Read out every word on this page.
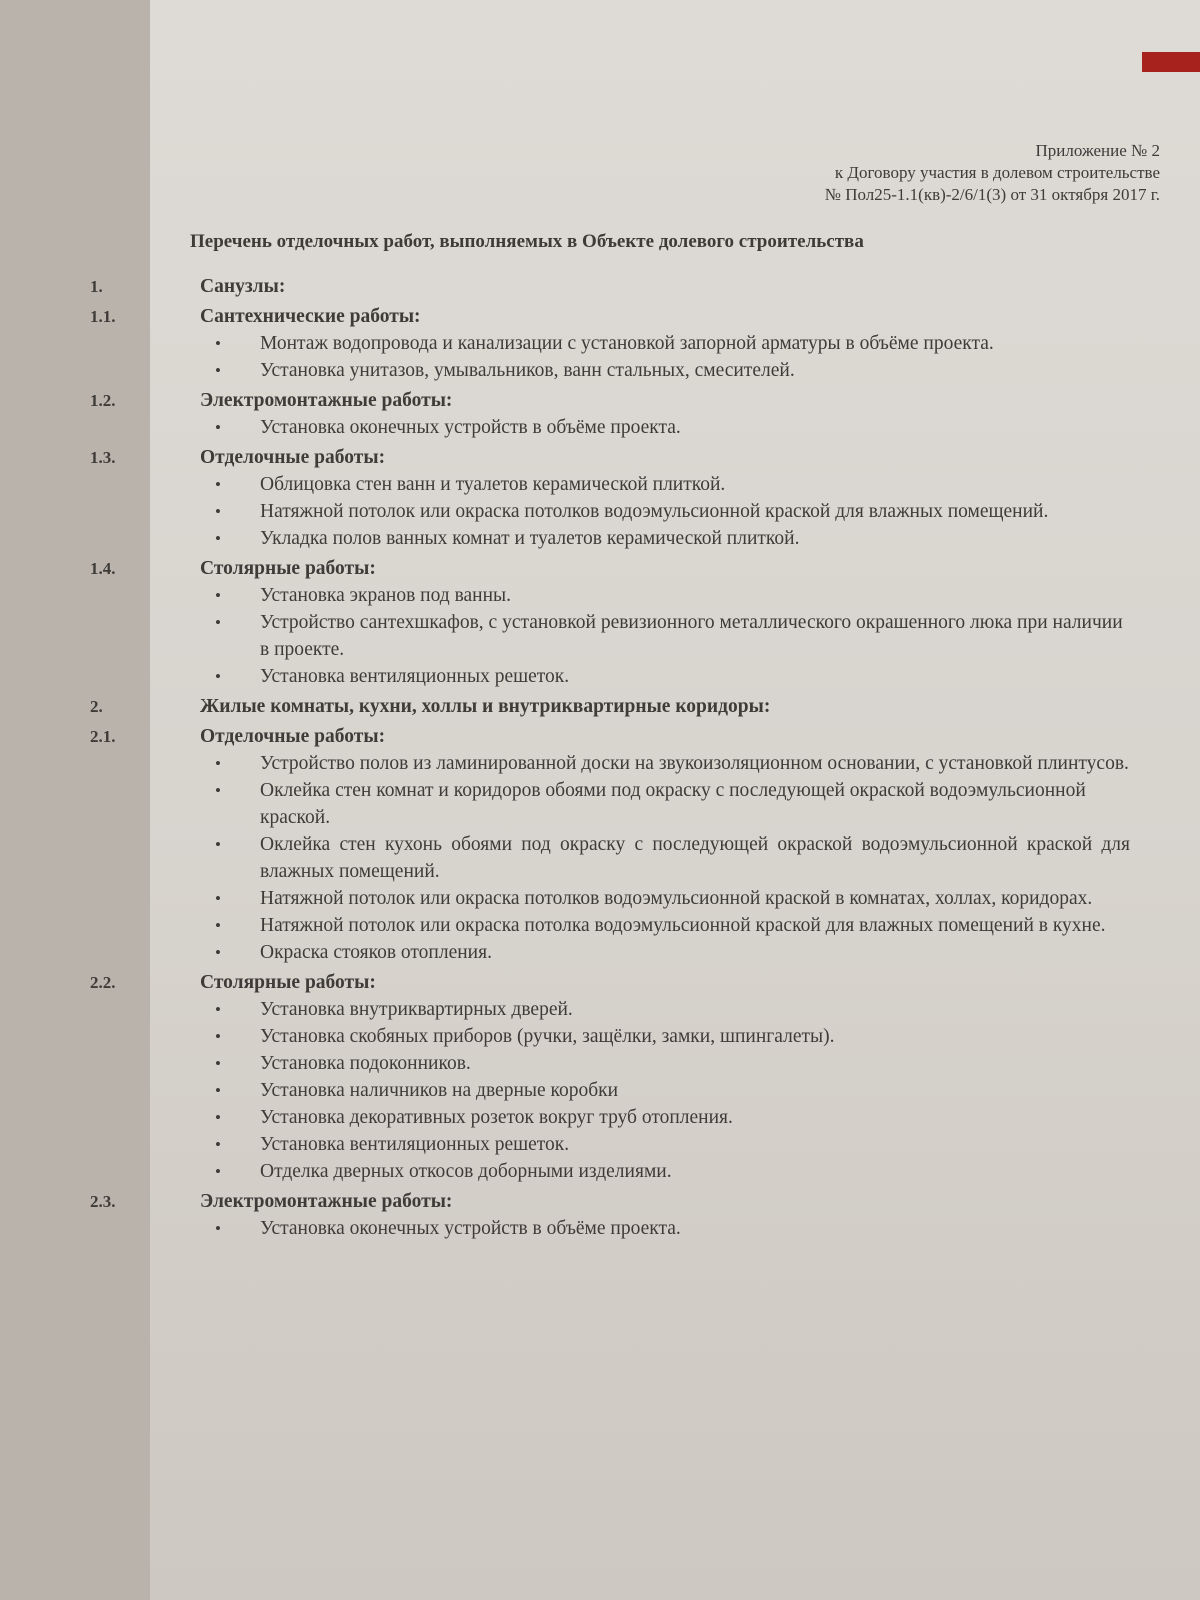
Приложение № 2
к Договору участия в долевом строительстве
№ Пол25-1.1(кв)-2/6/1(3) от 31 октября 2017 г.
Перечень отделочных работ, выполняемых в Объекте долевого строительства
1.	Санузлы:
1.1.	Сантехнические работы:
• Монтаж водопровода и канализации с установкой запорной арматуры в объёме проекта.
• Установка унитазов, умывальников, ванн стальных, смесителей.
1.2.	Электромонтажные работы:
• Установка оконечных устройств в объёме проекта.
1.3.	Отделочные работы:
• Облицовка стен ванн и туалетов керамической плиткой.
• Натяжной потолок или окраска потолков водоэмульсионной краской для влажных помещений.
• Укладка полов ванных комнат и туалетов керамической плиткой.
1.4.	Столярные работы:
• Установка экранов под ванны.
• Устройство сантехшкафов, с установкой ревизионного металлического окрашенного люка при наличии в проекте.
• Установка вентиляционных решеток.
2.	Жилые комнаты, кухни, холлы и внутриквартирные коридоры:
2.1.	Отделочные работы:
• Устройство полов из ламинированной доски на звукоизоляционном основании, с установкой плинтусов.
• Оклейка стен комнат и коридоров обоями под окраску с последующей окраской водоэмульсионной краской.
• Оклейка стен кухонь обоями под окраску с последующей окраской водоэмульсионной краской для влажных помещений.
• Натяжной потолок или окраска потолков водоэмульсионной краской в комнатах, холлах, коридорах.
• Натяжной потолок или окраска потолка водоэмульсионной краской для влажных помещений в кухне.
• Окраска стояков отопления.
2.2.	Столярные работы:
• Установка внутриквартирных дверей.
• Установка скобяных приборов (ручки, защёлки, замки, шпингалеты).
• Установка подоконников.
• Установка наличников на дверные коробки
• Установка декоративных розеток вокруг труб отопления.
• Установка вентиляционных решеток.
• Отделка дверных откосов доборными изделиями.
2.3.	Электромонтажные работы:
• Установка оконечных устройств в объёме проекта.
